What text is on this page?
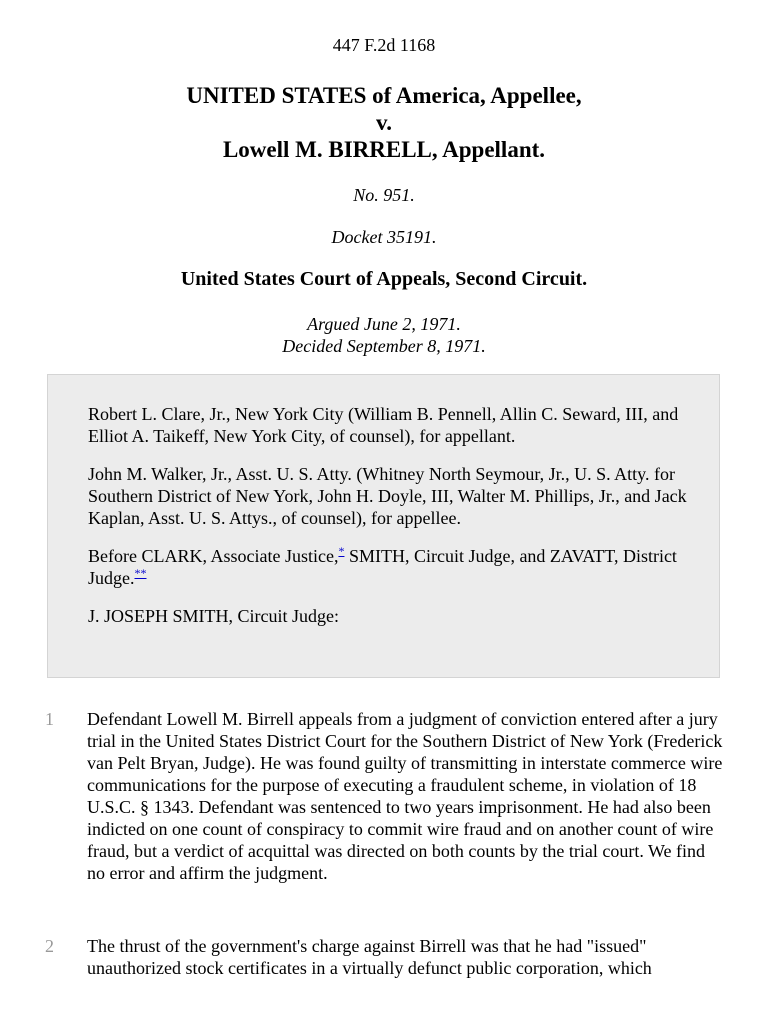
447 F.2d 1168
UNITED STATES of America, Appellee,
v.
Lowell M. BIRRELL, Appellant.
No. 951.
Docket 35191.
United States Court of Appeals, Second Circuit.
Argued June 2, 1971.
Decided September 8, 1971.

Robert L. Clare, Jr., New York City (William B. Pennell, Allin C. Seward, III, and Elliot A. Taikeff, New York City, of counsel), for appellant.

John M. Walker, Jr., Asst. U. S. Atty. (Whitney North Seymour, Jr., U. S. Atty. for Southern District of New York, John H. Doyle, III, Walter M. Phillips, Jr., and Jack Kaplan, Asst. U. S. Attys., of counsel), for appellee.

Before CLARK, Associate Justice,* SMITH, Circuit Judge, and ZAVATT, District Judge.**

J. JOSEPH SMITH, Circuit Judge:

1 Defendant Lowell M. Birrell appeals from a judgment of conviction entered after a jury trial in the United States District Court for the Southern District of New York (Frederick van Pelt Bryan, Judge). He was found guilty of transmitting in interstate commerce wire communications for the purpose of executing a fraudulent scheme, in violation of 18 U.S.C. § 1343. Defendant was sentenced to two years imprisonment. He had also been indicted on one count of conspiracy to commit wire fraud and on another count of wire fraud, but a verdict of acquittal was directed on both counts by the trial court. We find no error and affirm the judgment.

2 The thrust of the government's charge against Birrell was that he had "issued" unauthorized stock certificates in a virtually defunct public corporation, which
